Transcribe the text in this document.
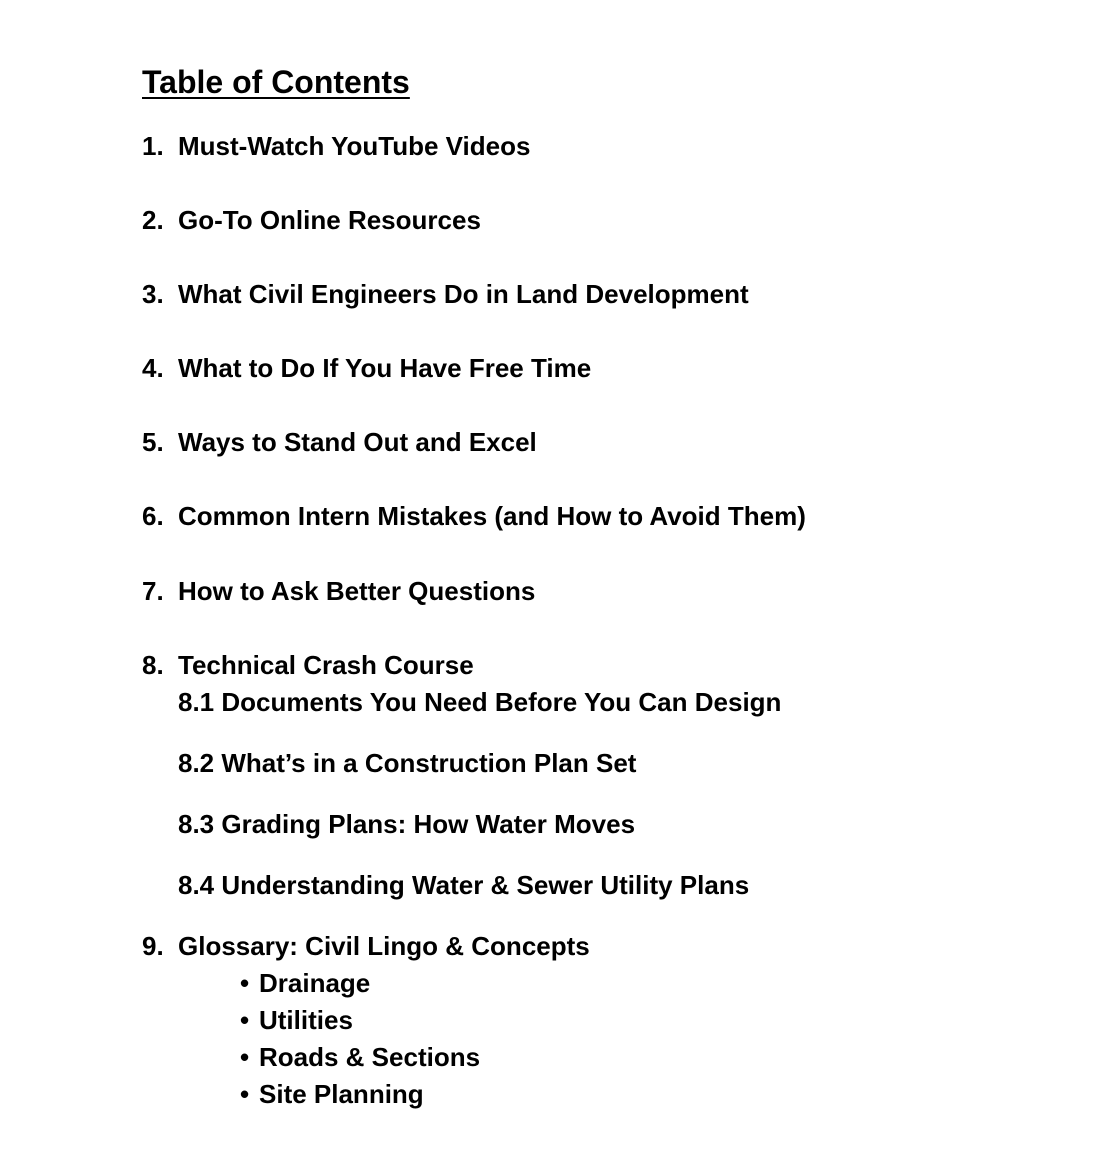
Table of Contents
1. Must-Watch YouTube Videos
2. Go-To Online Resources
3. What Civil Engineers Do in Land Development
4. What to Do If You Have Free Time
5. Ways to Stand Out and Excel
6. Common Intern Mistakes (and How to Avoid Them)
7. How to Ask Better Questions
8. Technical Crash Course
8.1 Documents You Need Before You Can Design
8.2 What’s in a Construction Plan Set
8.3 Grading Plans: How Water Moves
8.4 Understanding Water & Sewer Utility Plans
9. Glossary: Civil Lingo & Concepts
• Drainage
• Utilities
• Roads & Sections
• Site Planning
